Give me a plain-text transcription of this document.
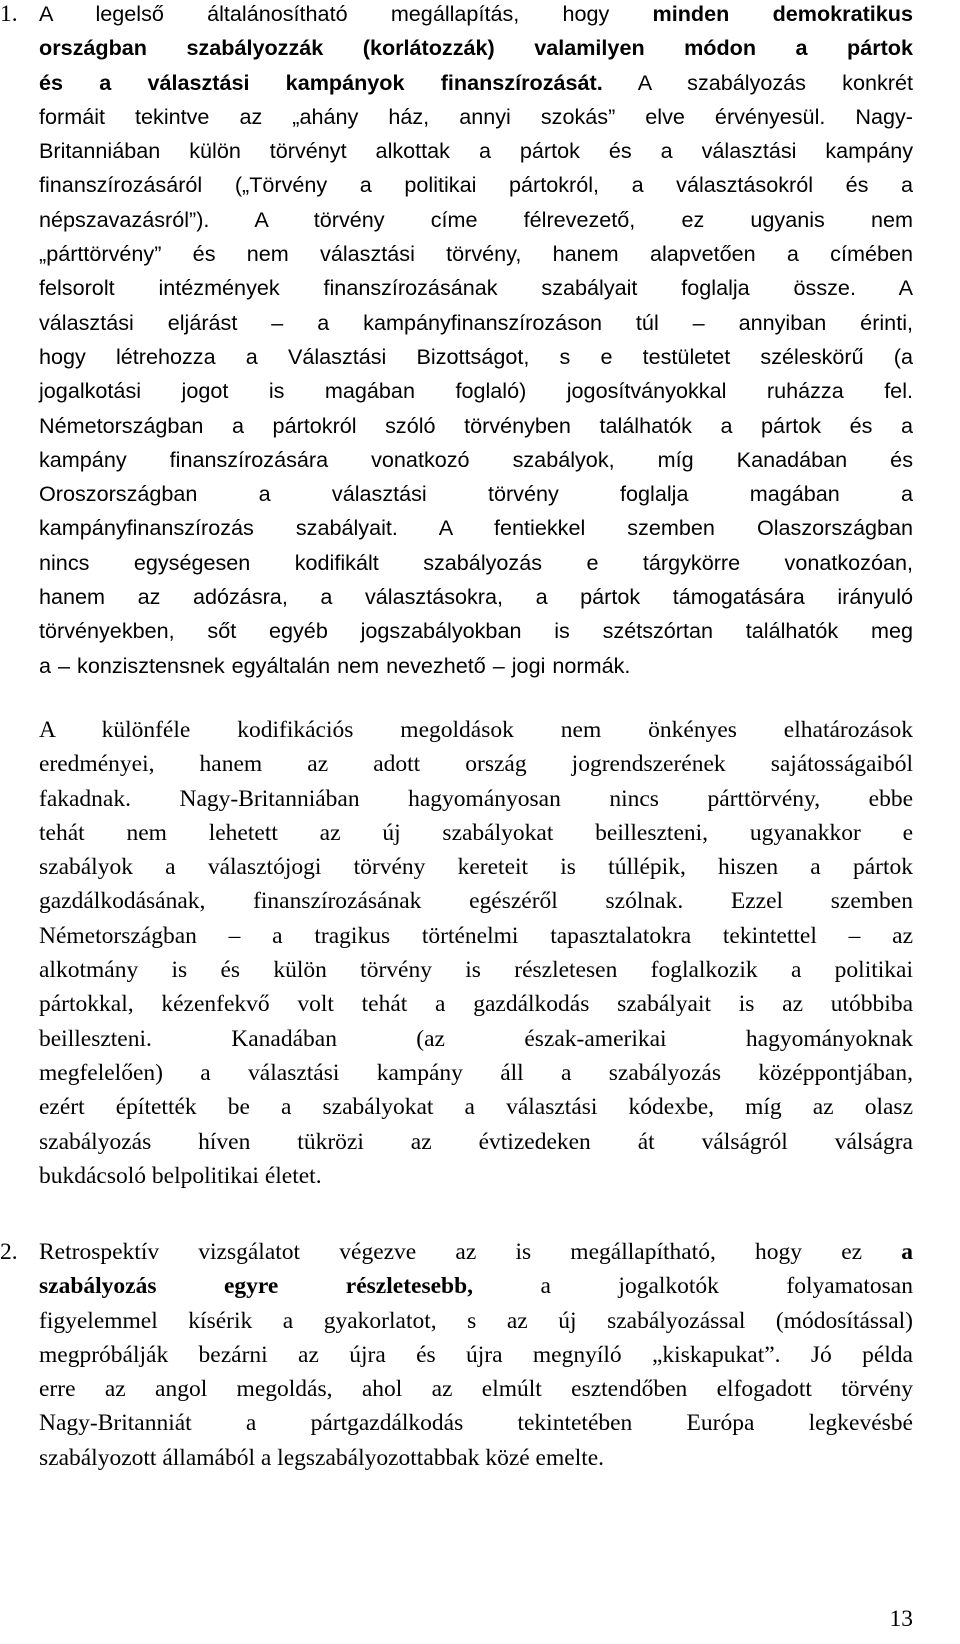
1. A legelső általánosítható megállapítás, hogy minden demokratikus
országban szabályozzák (korlátozzák) valamilyen módon a pártok
és a választási kampányok finanszírozását. A szabályozás konkrét
formáit tekintve az „ahány ház, annyi szokás” elve érvényesül. Nagy-
Britanniában külön törvényt alkottak a pártok és a választási kampány
finanszírozásáról („Törvény a politikai pártokról, a választásokról és a
népszavazásról”). A törvény címe félrevezető, ez ugyanis nem
„párttörvény” és nem választási törvény, hanem alapvetően a címében
felsorolt intézmények finanszírozásának szabályait foglalja össze. A
választási eljárást – a kampányfinanszírozáson túl – annyiban érinti,
hogy létrehozza a Választási Bizottságot, s e testületet széleskörű (a
jogalkotási jogot is magában foglaló) jogosítványokkal ruházza fel.
Németországban a pártokról szóló törvényben találhatók a pártok és a
kampány finanszírozására vonatkozó szabályok, míg Kanadában és
Oroszországban a választási törvény foglalja magában a
kampányfinanszírozás szabályait. A fentiekkel szemben Olaszországban
nincs egységesen kodifikált szabályozás e tárgykörre vonatkozóan,
hanem az adózásra, a választásokra, a pártok támogatására irányuló
törvényekben, sőt egyéb jogszabályokban is szétszórtan találhatók meg
a – konzisztensnek egyáltalán nem nevezhető – jogi normák.
A különféle kodifikációs megoldások nem önkényes elhatározások
eredményei, hanem az adott ország jogrendszerének sajátosságaiból
fakadnak. Nagy-Britanniában hagyományosan nincs párttörvény, ebbe
tehát nem lehetett az új szabályokat beilleszteni, ugyanakkor e
szabályok a választójogi törvény kereteit is túllépik, hiszen a pártok
gazdálkodásának, finanszírozásának egészéről szólnak. Ezzel szemben
Németországban – a tragikus történelmi tapasztalatokra tekintettel – az
alkotmány is és külön törvény is részletesen foglalkozik a politikai
pártokkal, kézenfekvő volt tehát a gazdálkodás szabályait is az utóbbiba
beilleszteni. Kanadában (az észak-amerikai hagyományoknak
megfelelően) a választási kampány áll a szabályozás középpontjában,
ezért építették be a szabályokat a választási kódexbe, míg az olasz
szabályozás híven tükrözi az évtizedeken át válságról válságra
bukdácsoló belpolitikai életet.
2. Retrospektív vizsgálatot végezve az is megállapítható, hogy ez a
szabályozás egyre részletesebb, a jogalkotók folyamatosan
figyelemmel kísérik a gyakorlatot, s az új szabályozással (módosítással)
megpróbálják bezárni az újra és újra megnyíló „kiskapukat”. Jó példa
erre az angol megoldás, ahol az elmúlt esztendőben elfogadott törvény
Nagy-Britanniát a pártgazdálkodás tekintetében Európa legkevésbé
szabályozott államából a legszabályozottabbak közé emelte.
13
